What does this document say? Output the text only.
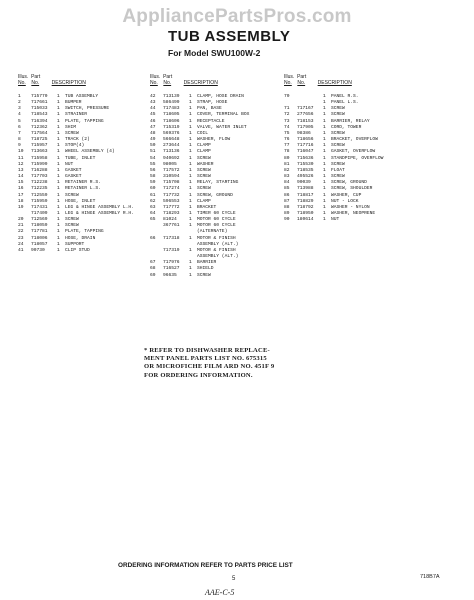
AppliancePartsPros.com
TUB ASSEMBLY
For Model SWU100W-2
Illus. Part
No. No.	DESCRIPTION
1	715770	1	TUB ASSEMBLY
2	717661	1	BUMPER
3	715033	1	SWITCH, PRESSURE
4	718543	1	STRAINER
5	716394	1	PLATE, TAPPING
6	712362	1	SHIM
7	717564	1	SCREW
8	718725	1	TRACK (2)
9	715957	1	STOP(4)
10	713663	1	WHEEL ASSEMBLY (4)
11	715958	1	TUBE, INLET
12	715999	1	NUT
13	716288	1	GASKET
14	717703	1	GASKET
15	712238	1	RETAINER R.S.
16	712235	1	RETAINER L.S.
17	712559	1	SCREW
18	715959	1	HOSE, INLET
19	717431	1	LEG & HINGE ASSEMBLY L.H.
717409	1	LEG & HINGE ASSEMBLY R.H.
20	712569	1	SCREW
21	718059	1	SCREW
22	717781	1	PLATE, TAPPING
23	718006	1	HOSE, DRAIN
24	718057	1	SUPPORT
41	90730	1	CLIP STUD
Illus. Part
No. No.	DESCRIPTION
42	713139	1	CLAMP, HOSE DRAIN
43	586499	1	STRAP, HOSE
44	717483	1	PAN, BASE
45	718605	1	COVER, TERMINAL BOX
46	718606	1	RECEPTACLE
47	715319	1	VALVE, WATER INLET
48	569376	1	COIL
49	566648	1	WASHER, FLOW
50	273644	1	CLAMP
51	713136	1	CLAMP
54	940692	1	SCREW
55	98005	1	WASHER
56	717572	1	SCREW
58	310594	1	SCREW
59	715708	1	RELAY, STARTING
60	717274	1	SCREW
61	717732	1	SCREW, GROUND
62	596553	1	CLAMP
63	717772	1	BRACKET
64	718293	1	TIMER 60 CYCLE
65	81024	1	MOTOR 60 CYCLE
367761	1	MOTOR 60 CYCLE
(ALTERNATE)
66	717318	1	MOTOR & FINISH
ASSEMBLY (ALT.)
717319	1	MOTOR & FINISH
ASSEMBLY (ALT.)
67	717976	1	BARRIER
68	716527	1	SHIELD
69	96635	1	SCREW
Illus. Part
No. No.	DESCRIPTION
70	1	PANEL R.S.
1	PANEL L.S.
71	717167	1	SCREW
72	277656	1	SCREW
73	718153	1	BARRIER, RELAY
74	717905	1	CORD, TOWER
75	98386	1	SCREW
76	718656	1	BRACKET, OVERFLOW
77	717716	1	SCREW
78	716047	1	GASKET, OVERFLOW
80	715636	1	STANDPIPE, OVERFLOW
81	715530	1	SCREW
82	718535	1	FLOAT
83	495526	1	SCREW
84	90039	1	SCREW, GROUND
85	713988	1	SCREW, SHOULDER
86	718817	1	WASHER, CUP
87	718829	1	NUT - LOCK
88	718792	1	WASHER - NYLON
89	718950	1	WASHER, NEOPRENE
90	180614	1	NUT
* REFER TO DISHWASHER REPLACE-
MENT PANEL PARTS LIST NO. 675315
OR MICROFICHE FILM ARD NO. 451F 9
FOR ORDERING INFORMATION.
ORDERING INFORMATION REFER TO PARTS PRICE LIST
5	718B7A
AAE-C-5
